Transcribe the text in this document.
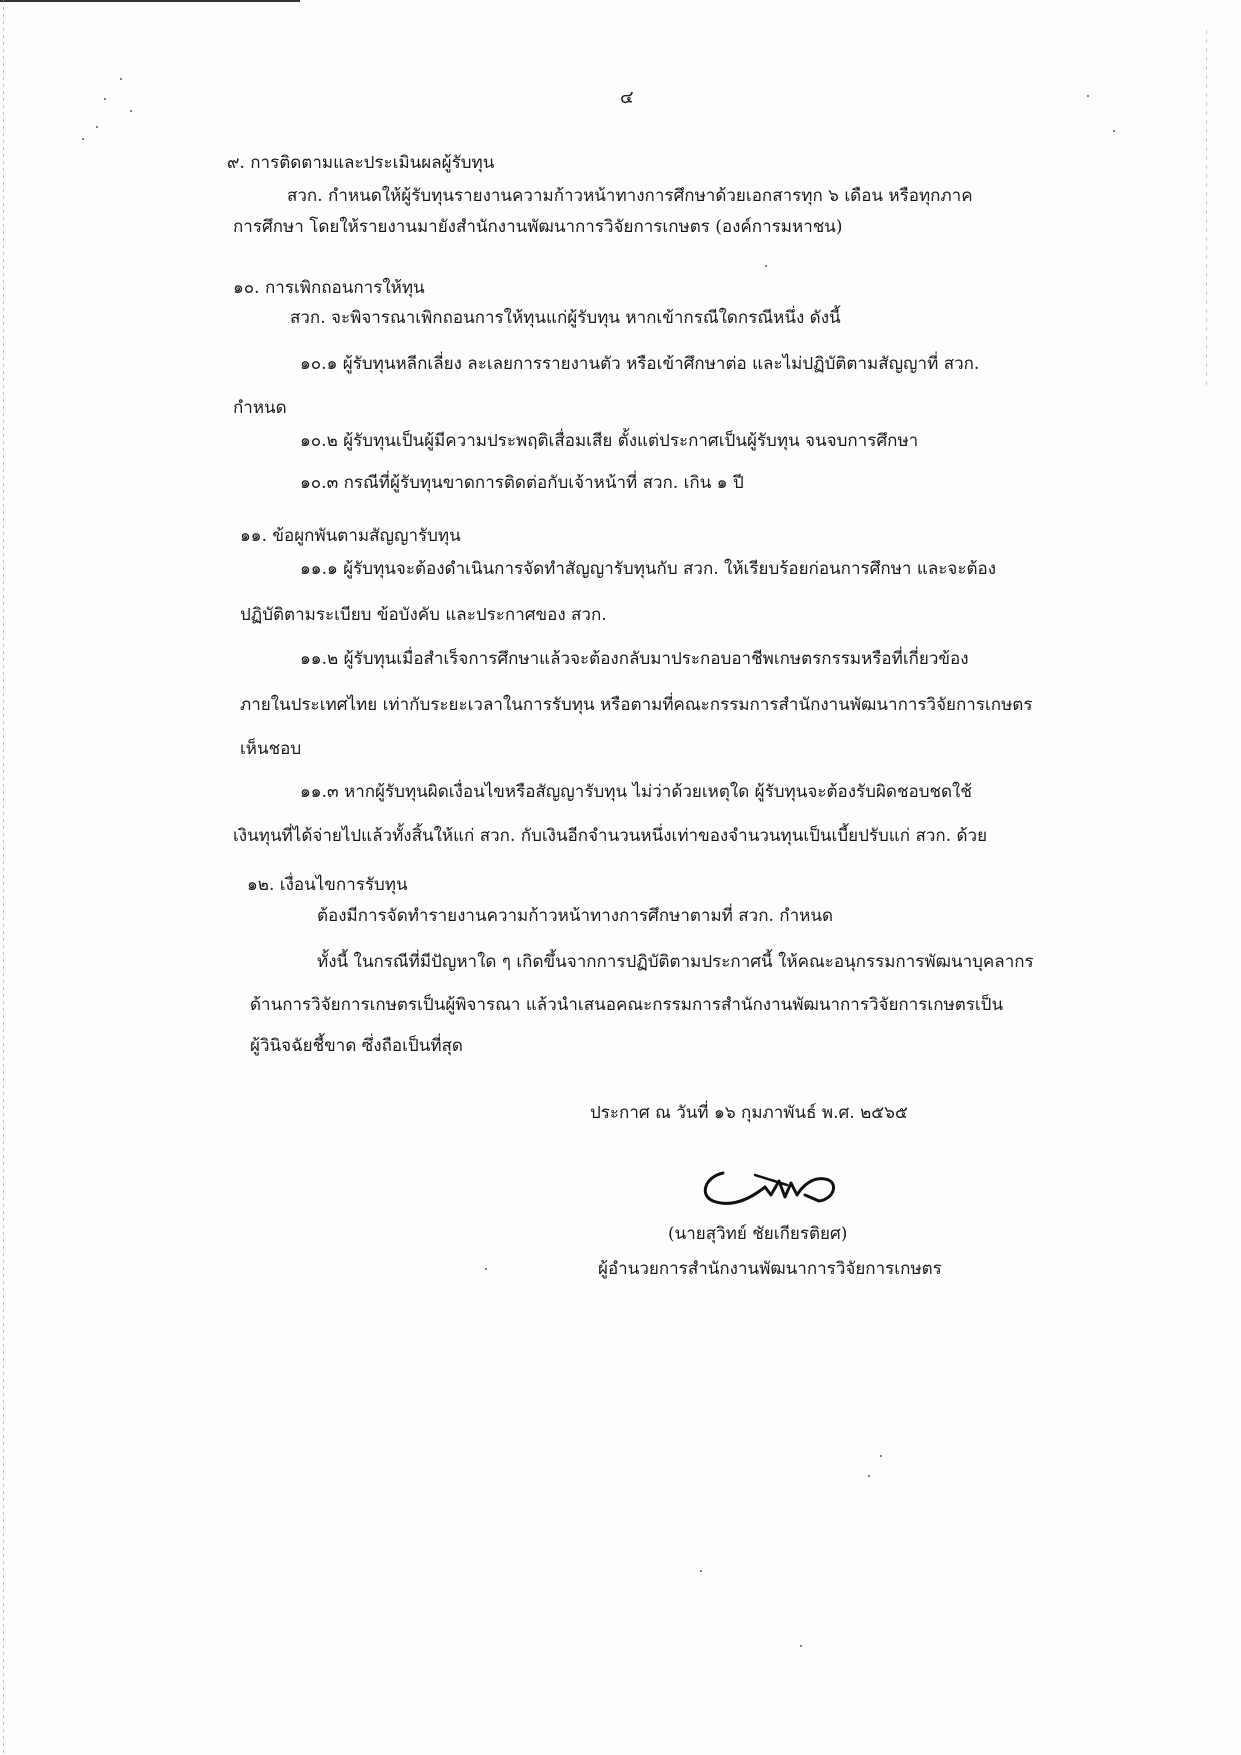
๔
๙. การติดตามและประเมินผลผู้รับทุน
สวก. กำหนดให้ผู้รับทุนรายงานความก้าวหน้าทางการศึกษาด้วยเอกสารทุก ๖ เดือน หรือทุกภาค
การศึกษา โดยให้รายงานมายังสำนักงานพัฒนาการวิจัยการเกษตร (องค์การมหาชน)
๑๐. การเพิกถอนการให้ทุน
สวก. จะพิจารณาเพิกถอนการให้ทุนแก่ผู้รับทุน หากเข้ากรณีใดกรณีหนึ่ง ดังนี้
๑๐.๑ ผู้รับทุนหลีกเลี่ยง ละเลยการรายงานตัว หรือเข้าศึกษาต่อ และไม่ปฏิบัติตามสัญญาที่ สวก.
กำหนด
๑๐.๒ ผู้รับทุนเป็นผู้มีความประพฤติเสื่อมเสีย ตั้งแต่ประกาศเป็นผู้รับทุน จนจบการศึกษา
๑๐.๓ กรณีที่ผู้รับทุนขาดการติดต่อกับเจ้าหน้าที่ สวก. เกิน ๑ ปี
๑๑. ข้อผูกพันตามสัญญารับทุน
๑๑.๑ ผู้รับทุนจะต้องดำเนินการจัดทำสัญญารับทุนกับ สวก. ให้เรียบร้อยก่อนการศึกษา และจะต้อง
ปฏิบัติตามระเบียบ ข้อบังคับ และประกาศของ สวก.
๑๑.๒ ผู้รับทุนเมื่อสำเร็จการศึกษาแล้วจะต้องกลับมาประกอบอาชีพเกษตรกรรมหรือที่เกี่ยวข้อง
ภายในประเทศไทย เท่ากับระยะเวลาในการรับทุน หรือตามที่คณะกรรมการสำนักงานพัฒนาการวิจัยการเกษตร
เห็นชอบ
๑๑.๓ หากผู้รับทุนผิดเงื่อนไขหรือสัญญารับทุน ไม่ว่าด้วยเหตุใด ผู้รับทุนจะต้องรับผิดชอบชดใช้
เงินทุนที่ได้จ่ายไปแล้วทั้งสิ้นให้แก่ สวก. กับเงินอีกจำนวนหนึ่งเท่าของจำนวนทุนเป็นเบี้ยปรับแก่ สวก. ด้วย
๑๒. เงื่อนไขการรับทุน
ต้องมีการจัดทำรายงานความก้าวหน้าทางการศึกษาตามที่ สวก. กำหนด
ทั้งนี้ ในกรณีที่มีปัญหาใด ๆ เกิดขึ้นจากการปฏิบัติตามประกาศนี้ ให้คณะอนุกรรมการพัฒนาบุคลากร
ด้านการวิจัยการเกษตรเป็นผู้พิจารณา แล้วนำเสนอคณะกรรมการสำนักงานพัฒนาการวิจัยการเกษตรเป็น
ผู้วินิจฉัยชี้ขาด ซึ่งถือเป็นที่สุด
ประกาศ ณ วันที่ ๑๖ กุมภาพันธ์ พ.ศ. ๒๕๖๕
(นายสุวิทย์ ชัยเกียรติยศ)
ผู้อำนวยการสำนักงานพัฒนาการวิจัยการเกษตร
